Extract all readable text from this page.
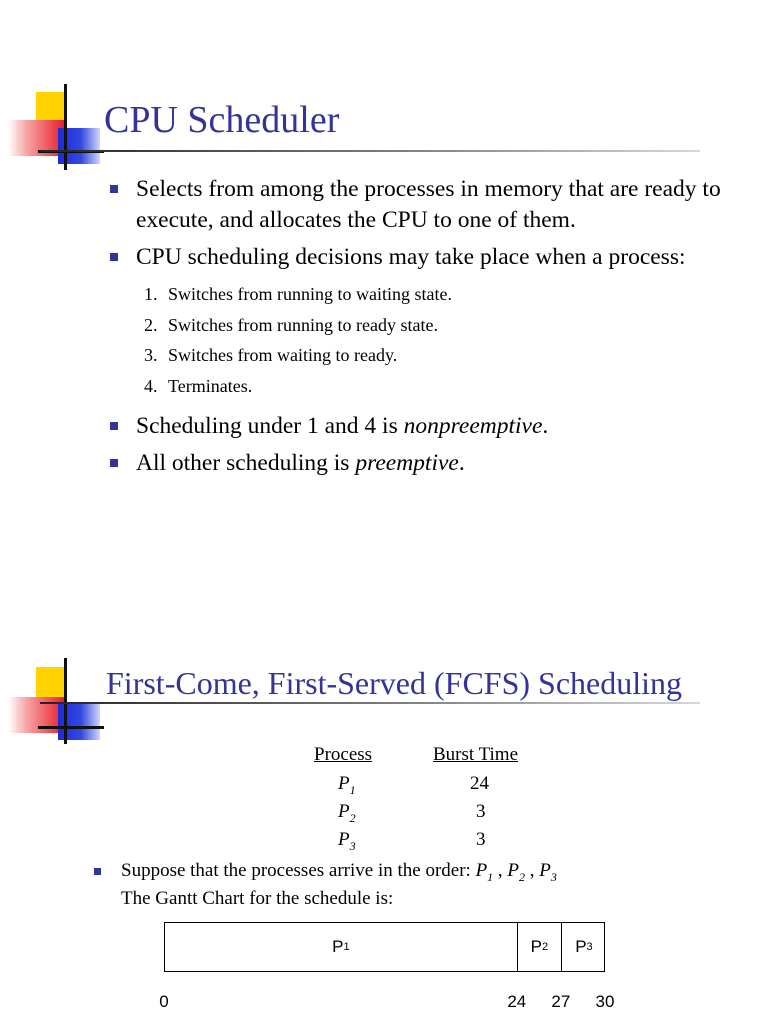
CPU Scheduler
Selects from among the processes in memory that are ready to execute, and allocates the CPU to one of them.
CPU scheduling decisions may take place when a process:
1. Switches from running to waiting state.
2. Switches from running to ready state.
3. Switches from waiting to ready.
4. Terminates.
Scheduling under 1 and 4 is nonpreemptive.
All other scheduling is preemptive.
First-Come, First-Served (FCFS) Scheduling
Process	Burst Time
$P_1$	24
$P_2$	3
$P_3$	3
Suppose that the processes arrive in the order: $P_1$ , $P_2$ , $P_3$
The Gantt Chart for the schedule is:
P 1	P 2 P 3
0	24 27 30
